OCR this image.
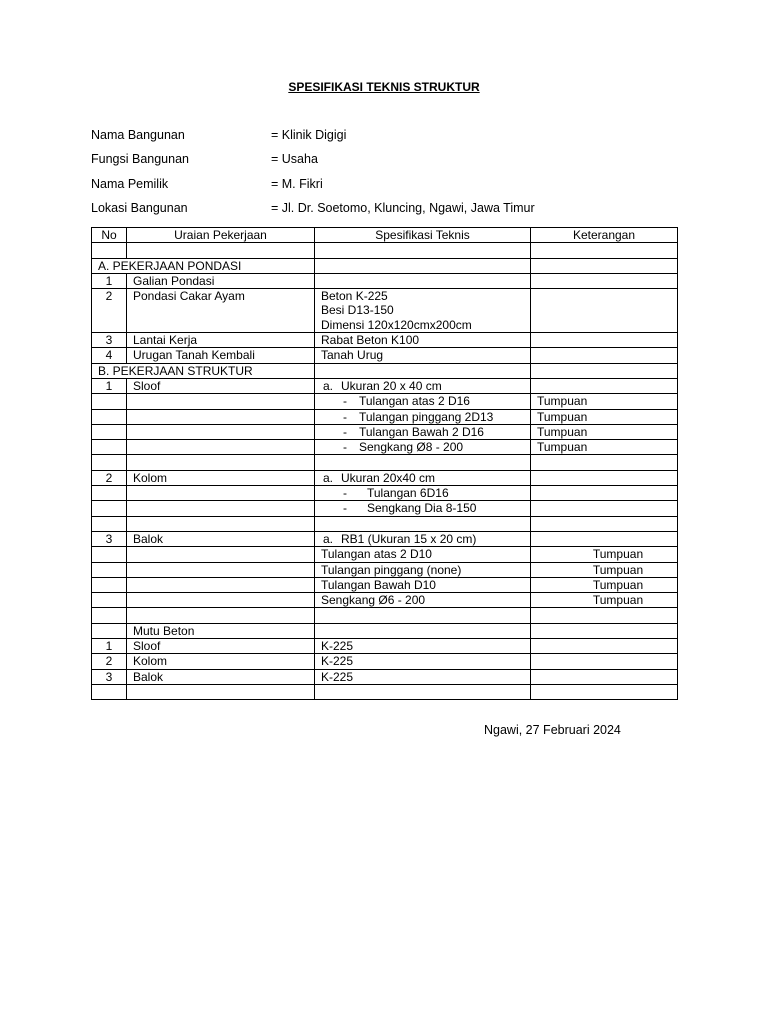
SPESIFIKASI TEKNIS STRUKTUR
Nama Bangunan	= Klinik Digigi
Fungsi Bangunan	= Usaha
Nama Pemilik	= M. Fikri
Lokasi Bangunan	= Jl. Dr. Soetomo, Kluncing, Ngawi, Jawa Timur
No	Uraian Pekerjaan	Spesifikasi Teknis	Keterangan

A. PEKERJAAN PONDASI			
1	Galian Pondasi		
2	Pondasi Cakar Ayam	Beton K-225
Besi D13-150
Dimensi 120x120cmx200cm	

3	Lantai Kerja	Rabat Beton K100	
4	Urugan Tanah Kembali	Tanah Urug	
B. PEKERJAAN STRUKTUR			
1	Sloof	a. Ukuran 20 x 40 cm	
		- Tulangan atas 2 D16	Tumpuan
		- Tulangan pinggang 2D13	Tumpuan
		- Tulangan Bawah 2 D16	Tumpuan
		- Sengkang Ø8 - 200	Tumpuan

2	Kolom	a. Ukuran 20x40 cm	
		- Tulangan 6D16	
		- Sengkang Dia 8-150	

3	Balok	a. RB1 (Ukuran 15 x 20 cm)	
		Tulangan atas 2 D10	Tumpuan
		Tulangan pinggang (none)	Tumpuan
		Tulangan Bawah D10	Tumpuan
		Sengkang Ø6 - 200	Tumpuan

	Mutu Beton		
1	Sloof	K-225	
2	Kolom	K-225	
3	Balok	K-225	

Ngawi, 27 Februari 2024
